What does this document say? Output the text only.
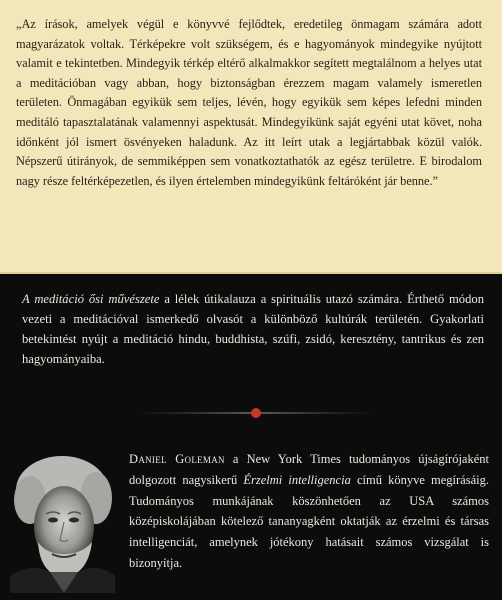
„Az írások, amelyek végül e könyvvé fejlődtek, eredetileg önmagam számára adott magyarázatok voltak. Térképekre volt szükségem, és e hagyományok mindegyike nyújtott valamit e tekintetben. Mindegyik térkép eltérő alkalmakkor segített megtalálnom a helyes utat a meditációban vagy abban, hogy biztonságban érezzem magam valamely ismeretlen területen. Önmagában egyikük sem teljes, lévén, hogy egyikük sem képes lefedni minden meditáló tapasztalatának valamennyi aspektusát. Mindegyikünk saját egyéni utat követ, noha időnként jól ismert ösvényeken haladunk. Az itt leírt utak a legjártabbak közül valók. Népszerű útirányok, de semmiképpen sem vonatkoztathatók az egész területre. E birodalom nagy része feltérképezetlen, és ilyen értelemben mindegyikünk feltáróként jár benne.”

A meditáció ősi művészete a lélek útikalauza a spirituális utazó számára. Érthető módon vezeti a meditációval ismerkedő olvasót a különböző kultúrák területén. Gyakorlati betekintést nyújt a meditáció hindu, buddhista, szúfi, zsidó, keresztény, tantrikus és zen hagyományaiba.

Daniel Goleman a New York Times tudományos újságírójaként dolgozott nagysikerű Érzelmi intelligencia című könyve megírásáig. Tudományos munkájának köszönhetően az USA számos középiskolájában kötelező tananyagként oktatják az érzelmi és társas intelligenciát, amelynek jótékony hatásait számos vizsgálat is bizonyítja.
